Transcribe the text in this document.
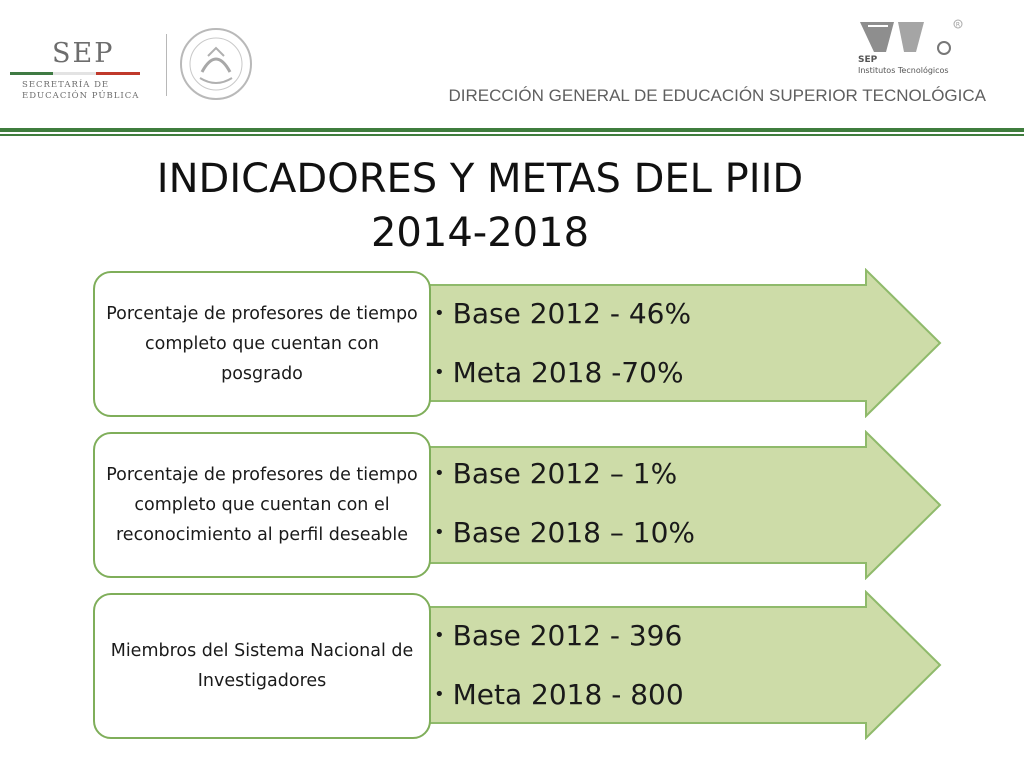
SEP
SECRETARÍA DE
EDUCACIÓN PÚBLICA
R
SEP
Institutos Tecnológicos
DIRECCIÓN GENERAL DE EDUCACIÓN SUPERIOR TECNOLÓGICA
INDICADORES Y METAS DEL PIID
2014-2018
• Base 2012 - 46%
• Meta 2018 -70%
Porcentaje de profesores de tiempo completo que cuentan con posgrado
• Base 2012 – 1%
• Base 2018 – 10%
Porcentaje de profesores de tiempo completo que cuentan con el reconocimiento al perfil deseable
• Base 2012 - 396
• Meta 2018 - 800
Miembros del Sistema Nacional de Investigadores
